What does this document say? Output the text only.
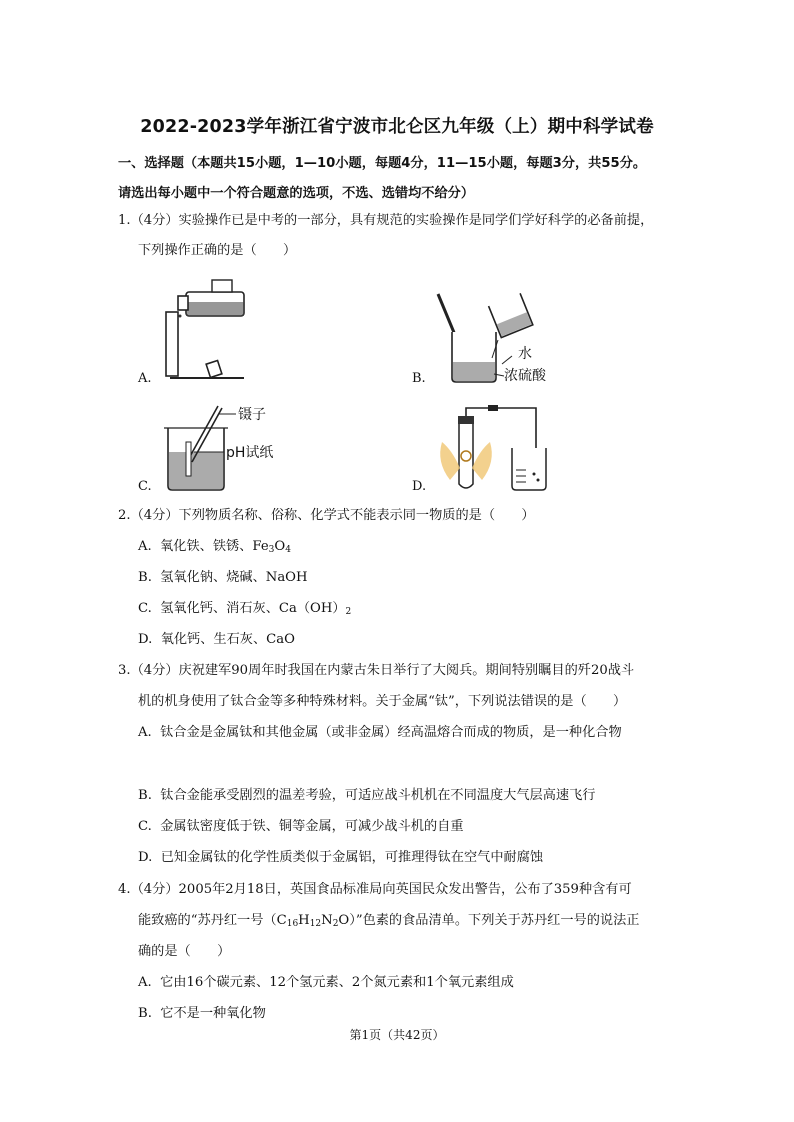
2022-2023学年浙江省宁波市北仑区九年级（上）期中科学试卷
一、选择题（本题共15小题，1—10小题，每题4分，11—15小题，每题3分，共55分。
请选出每小题中一个符合题意的选项，不选、选错均不给分）
1.（4分）实验操作已是中考的一部分，具有规范的实验操作是同学们学好科学的必备前提，
下列操作正确的是（　　）
A.
水
浓硫酸
B.
镊子
pH试纸
C.	D.
2.（4分）下列物质名称、俗称、化学式不能表示同一物质的是（　　）
A. 氧化铁、铁锈、$Fe_3O_4$
B. 氢氧化钠、烧碱、NaOH
C. 氢氧化钙、消石灰、$Ca(OH)_2$
D. 氧化钙、生石灰、CaO
3.（4分）庆祝建军90周年时我国在内蒙古朱日举行了大阅兵。期间特别瞩目的歼20战斗
机的机身使用了钛合金等多种特殊材料。关于金属“钛”，下列说法错误的是（　　）
A. 钛合金是金属钛和其他金属（或非金属）经高温熔合而成的物质，是一种化合物
B. 钛合金能承受剧烈的温差考验，可适应战斗机机在不同温度大气层高速飞行
C. 金属钛密度低于铁、铜等金属，可减少战斗机的自重
D. 已知金属钛的化学性质类似于金属铝，可推理得钛在空气中耐腐蚀
4.（4分）2005年2月18日，英国食品标准局向英国民众发出警告，公布了359种含有可
能致癌的“苏丹红一号$(C_{16}H_{12}N_2O)$”色素的食品清单。下列关于苏丹红一号的说法正
确的是（　　）
A. 它由16个碳元素、12个氢元素、2个氮元素和1个氧元素组成
B. 它不是一种氧化物
第1页（共42页）
